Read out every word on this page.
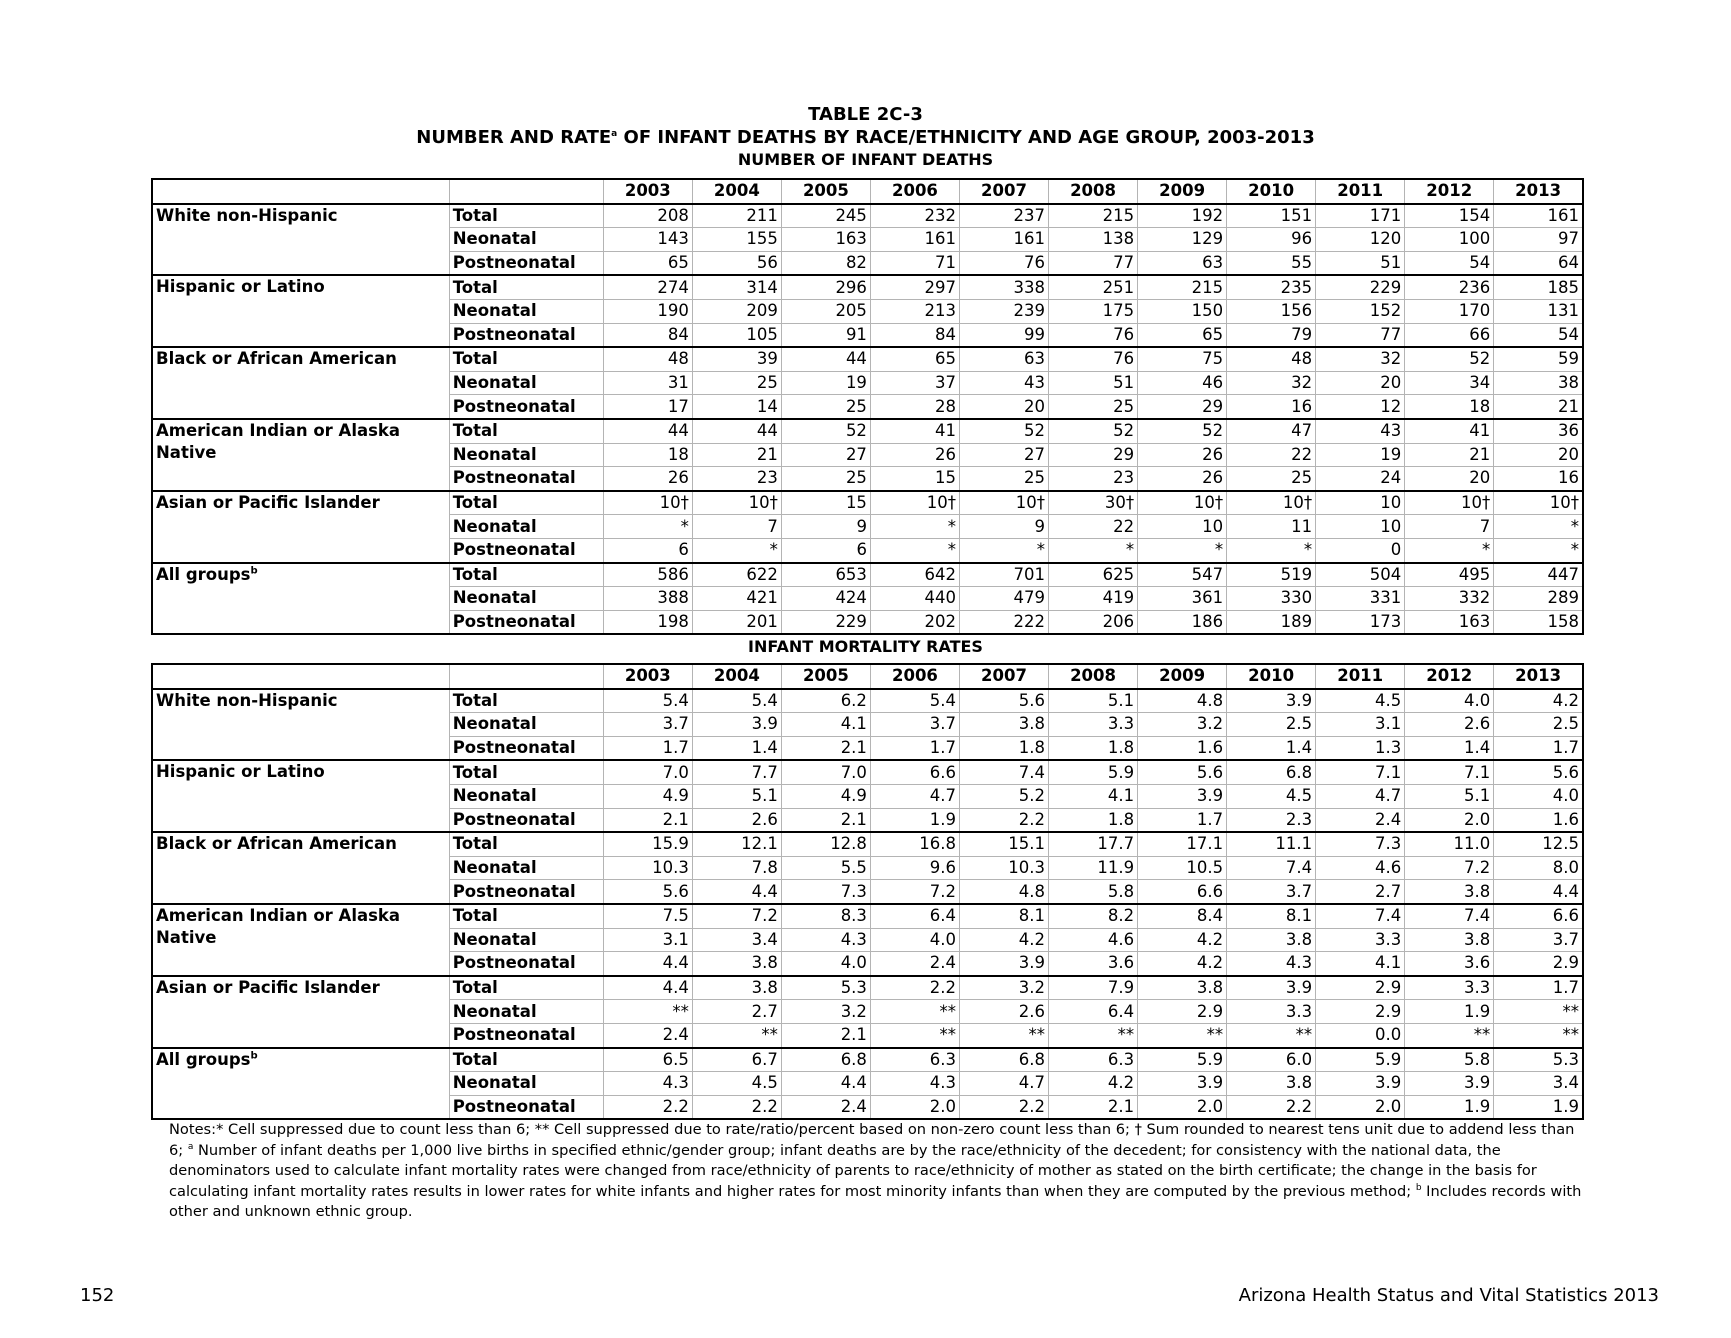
TABLE 2C-3
NUMBER AND RATE$^a$ OF INFANT DEATHS BY RACE/ETHNICITY AND AGE GROUP, 2003-2013
NUMBER OF INFANT DEATHS
		2003	2004	2005	2006	2007	2008	2009	2010	2011	2012	2013
White non-Hispanic	Total	208	211	245	232	237	215	192	151	171	154	161
	Neonatal	143	155	163	161	161	138	129	96	120	100	97
	Postneonatal	65	56	82	71	76	77	63	55	51	54	64
Hispanic or Latino	Total	274	314	296	297	338	251	215	235	229	236	185
	Neonatal	190	209	205	213	239	175	150	156	152	170	131
	Postneonatal	84	105	91	84	99	76	65	79	77	66	54
Black or African American	Total	48	39	44	65	63	76	75	48	32	52	59
	Neonatal	31	25	19	37	43	51	46	32	20	34	38
	Postneonatal	17	14	25	28	20	25	29	16	12	18	21
American Indian or Alaska Native	Total	44	44	52	41	52	52	52	47	43	41	36
	Neonatal	18	21	27	26	27	29	26	22	19	21	20
	Postneonatal	26	23	25	15	25	23	26	25	24	20	16
Asian or Pacific Islander	Total	10†	10†	15	10†	10†	30†	10†	10†	10	10†	10†
	Neonatal	*	7	9	*	9	22	10	11	10	7	*
	Postneonatal	6	*	6	*	*	*	*	*	0	*	*
All groups$^b$	Total	586	622	653	642	701	625	547	519	504	495	447
	Neonatal	388	421	424	440	479	419	361	330	331	332	289
	Postneonatal	198	201	229	202	222	206	186	189	173	163	158
INFANT MORTALITY RATES
		2003	2004	2005	2006	2007	2008	2009	2010	2011	2012	2013
White non-Hispanic	Total	5.4	5.4	6.2	5.4	5.6	5.1	4.8	3.9	4.5	4.0	4.2
	Neonatal	3.7	3.9	4.1	3.7	3.8	3.3	3.2	2.5	3.1	2.6	2.5
	Postneonatal	1.7	1.4	2.1	1.7	1.8	1.8	1.6	1.4	1.3	1.4	1.7
Hispanic or Latino	Total	7.0	7.7	7.0	6.6	7.4	5.9	5.6	6.8	7.1	7.1	5.6
	Neonatal	4.9	5.1	4.9	4.7	5.2	4.1	3.9	4.5	4.7	5.1	4.0
	Postneonatal	2.1	2.6	2.1	1.9	2.2	1.8	1.7	2.3	2.4	2.0	1.6
Black or African American	Total	15.9	12.1	12.8	16.8	15.1	17.7	17.1	11.1	7.3	11.0	12.5
	Neonatal	10.3	7.8	5.5	9.6	10.3	11.9	10.5	7.4	4.6	7.2	8.0
	Postneonatal	5.6	4.4	7.3	7.2	4.8	5.8	6.6	3.7	2.7	3.8	4.4
American Indian or Alaska Native	Total	7.5	7.2	8.3	6.4	8.1	8.2	8.4	8.1	7.4	7.4	6.6
	Neonatal	3.1	3.4	4.3	4.0	4.2	4.6	4.2	3.8	3.3	3.8	3.7
	Postneonatal	4.4	3.8	4.0	2.4	3.9	3.6	4.2	4.3	4.1	3.6	2.9
Asian or Pacific Islander	Total	4.4	3.8	5.3	2.2	3.2	7.9	3.8	3.9	2.9	3.3	1.7
	Neonatal	**	2.7	3.2	**	2.6	6.4	2.9	3.3	2.9	1.9	**
	Postneonatal	2.4	**	2.1	**	**	**	**	**	0.0	**	**
All groups$^b$	Total	6.5	6.7	6.8	6.3	6.8	6.3	5.9	6.0	5.9	5.8	5.3
	Neonatal	4.3	4.5	4.4	4.3	4.7	4.2	3.9	3.8	3.9	3.9	3.4
	Postneonatal	2.2	2.2	2.4	2.0	2.2	2.1	2.0	2.2	2.0	1.9	1.9
Notes:* Cell suppressed due to count less than 6; ** Cell suppressed due to rate/ratio/percent based on non-zero count less than 6; † Sum rounded to nearest tens unit due to addend less than 6; $^a$ Number of infant deaths per 1,000 live births in specified ethnic/gender group; infant deaths are by the race/ethnicity of the decedent; for consistency with the national data, the denominators used to calculate infant mortality rates were changed from race/ethnicity of parents to race/ethnicity of mother as stated on the birth certificate; the change in the basis for calculating infant mortality rates results in lower rates for white infants and higher rates for most minority infants than when they are computed by the previous method; $^b$ Includes records with other and unknown ethnic group.
152	Arizona Health Status and Vital Statistics 2013
